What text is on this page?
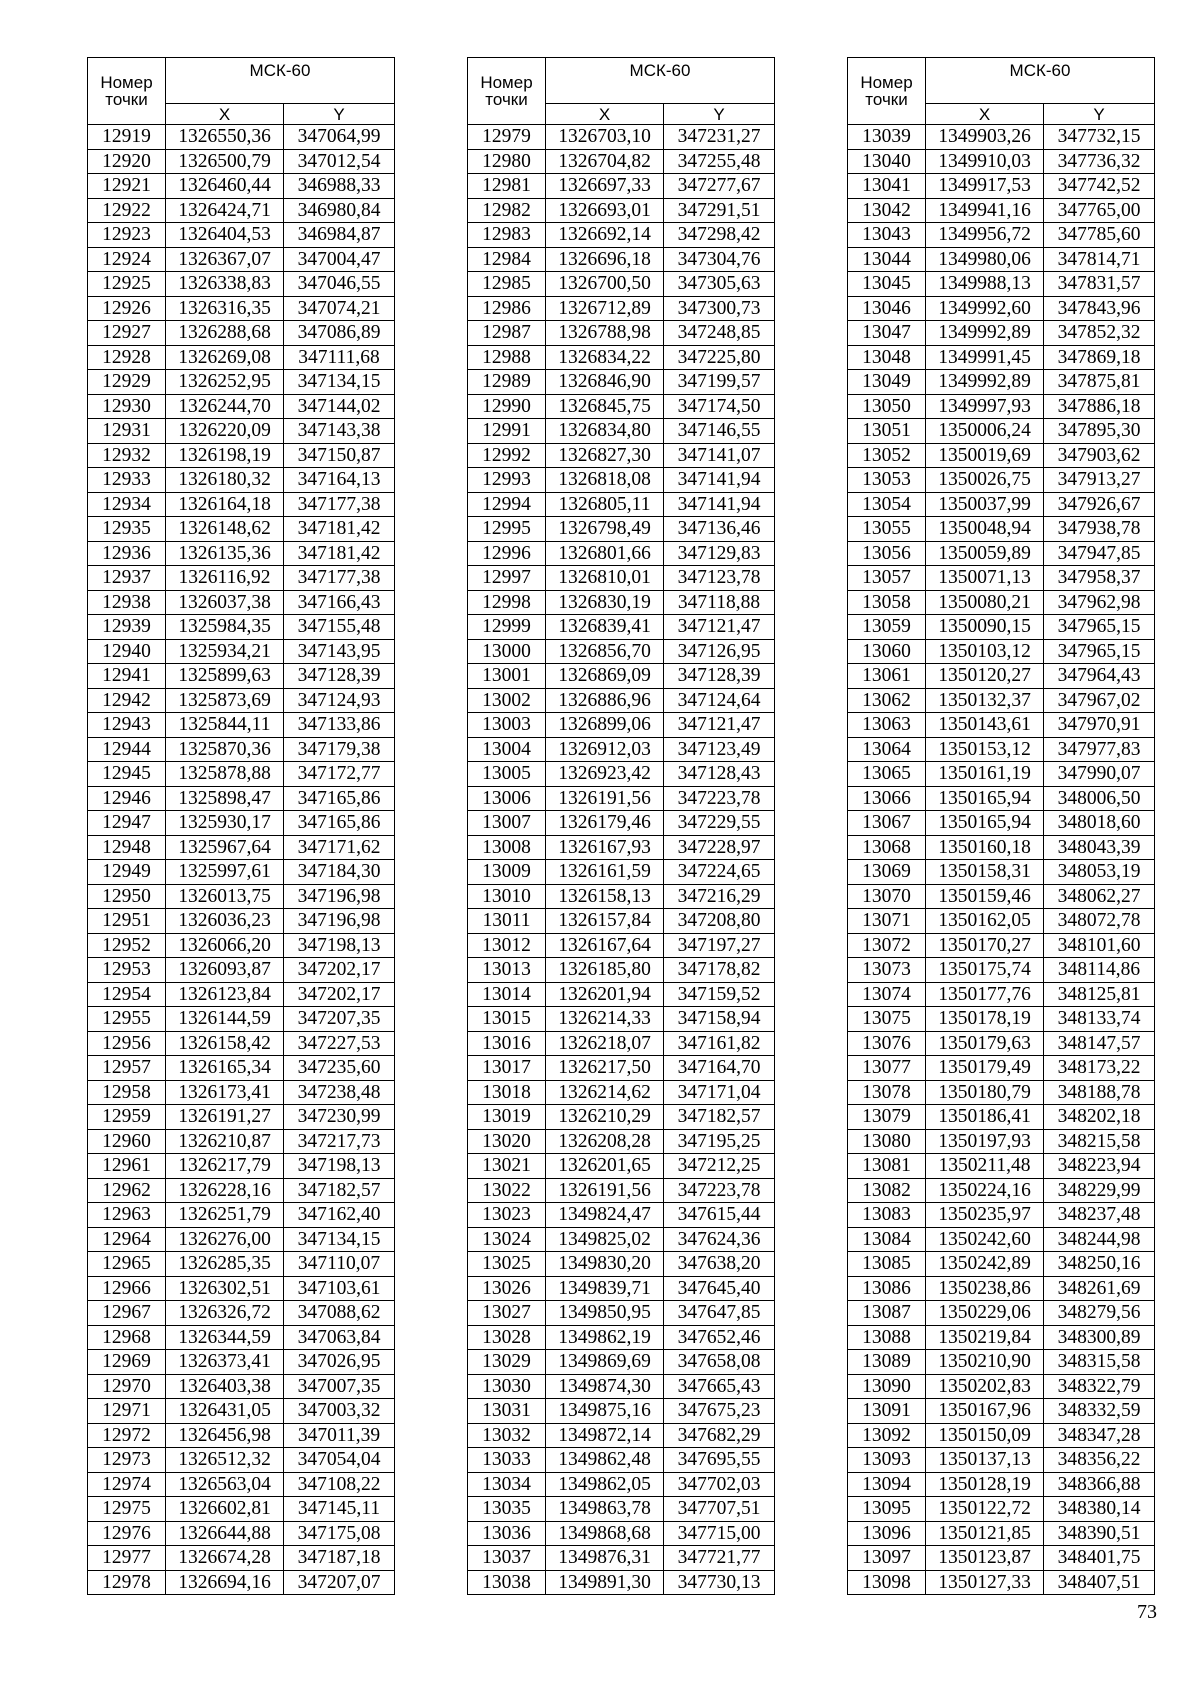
Номер точки	МСК-60	
	X	Y
12919	1326550,36	347064,99
12920	1326500,79	347012,54
12921	1326460,44	346988,33
12922	1326424,71	346980,84
12923	1326404,53	346984,87
12924	1326367,07	347004,47
12925	1326338,83	347046,55
12926	1326316,35	347074,21
12927	1326288,68	347086,89
12928	1326269,08	347111,68
12929	1326252,95	347134,15
12930	1326244,70	347144,02
12931	1326220,09	347143,38
12932	1326198,19	347150,87
12933	1326180,32	347164,13
12934	1326164,18	347177,38
12935	1326148,62	347181,42
12936	1326135,36	347181,42
12937	1326116,92	347177,38
12938	1326037,38	347166,43
12939	1325984,35	347155,48
12940	1325934,21	347143,95
12941	1325899,63	347128,39
12942	1325873,69	347124,93
12943	1325844,11	347133,86
12944	1325870,36	347179,38
12945	1325878,88	347172,77
12946	1325898,47	347165,86
12947	1325930,17	347165,86
12948	1325967,64	347171,62
12949	1325997,61	347184,30
12950	1326013,75	347196,98
12951	1326036,23	347196,98
12952	1326066,20	347198,13
12953	1326093,87	347202,17
12954	1326123,84	347202,17
12955	1326144,59	347207,35
12956	1326158,42	347227,53
12957	1326165,34	347235,60
12958	1326173,41	347238,48
12959	1326191,27	347230,99
12960	1326210,87	347217,73
12961	1326217,79	347198,13
12962	1326228,16	347182,57
12963	1326251,79	347162,40
12964	1326276,00	347134,15
12965	1326285,35	347110,07
12966	1326302,51	347103,61
12967	1326326,72	347088,62
12968	1326344,59	347063,84
12969	1326373,41	347026,95
12970	1326403,38	347007,35
12971	1326431,05	347003,32
12972	1326456,98	347011,39
12973	1326512,32	347054,04
12974	1326563,04	347108,22
12975	1326602,81	347145,11
12976	1326644,88	347175,08
12977	1326674,28	347187,18
12978	1326694,16	347207,07
Номер точки	МСК-60	
	X	Y
12979	1326703,10	347231,27
12980	1326704,82	347255,48
12981	1326697,33	347277,67
12982	1326693,01	347291,51
12983	1326692,14	347298,42
12984	1326696,18	347304,76
12985	1326700,50	347305,63
12986	1326712,89	347300,73
12987	1326788,98	347248,85
12988	1326834,22	347225,80
12989	1326846,90	347199,57
12990	1326845,75	347174,50
12991	1326834,80	347146,55
12992	1326827,30	347141,07
12993	1326818,08	347141,94
12994	1326805,11	347141,94
12995	1326798,49	347136,46
12996	1326801,66	347129,83
12997	1326810,01	347123,78
12998	1326830,19	347118,88
12999	1326839,41	347121,47
13000	1326856,70	347126,95
13001	1326869,09	347128,39
13002	1326886,96	347124,64
13003	1326899,06	347121,47
13004	1326912,03	347123,49
13005	1326923,42	347128,43
13006	1326191,56	347223,78
13007	1326179,46	347229,55
13008	1326167,93	347228,97
13009	1326161,59	347224,65
13010	1326158,13	347216,29
13011	1326157,84	347208,80
13012	1326167,64	347197,27
13013	1326185,80	347178,82
13014	1326201,94	347159,52
13015	1326214,33	347158,94
13016	1326218,07	347161,82
13017	1326217,50	347164,70
13018	1326214,62	347171,04
13019	1326210,29	347182,57
13020	1326208,28	347195,25
13021	1326201,65	347212,25
13022	1326191,56	347223,78
13023	1349824,47	347615,44
13024	1349825,02	347624,36
13025	1349830,20	347638,20
13026	1349839,71	347645,40
13027	1349850,95	347647,85
13028	1349862,19	347652,46
13029	1349869,69	347658,08
13030	1349874,30	347665,43
13031	1349875,16	347675,23
13032	1349872,14	347682,29
13033	1349862,48	347695,55
13034	1349862,05	347702,03
13035	1349863,78	347707,51
13036	1349868,68	347715,00
13037	1349876,31	347721,77
13038	1349891,30	347730,13
Номер точки	МСК-60	
	X	Y
13039	1349903,26	347732,15
13040	1349910,03	347736,32
13041	1349917,53	347742,52
13042	1349941,16	347765,00
13043	1349956,72	347785,60
13044	1349980,06	347814,71
13045	1349988,13	347831,57
13046	1349992,60	347843,96
13047	1349992,89	347852,32
13048	1349991,45	347869,18
13049	1349992,89	347875,81
13050	1349997,93	347886,18
13051	1350006,24	347895,30
13052	1350019,69	347903,62
13053	1350026,75	347913,27
13054	1350037,99	347926,67
13055	1350048,94	347938,78
13056	1350059,89	347947,85
13057	1350071,13	347958,37
13058	1350080,21	347962,98
13059	1350090,15	347965,15
13060	1350103,12	347965,15
13061	1350120,27	347964,43
13062	1350132,37	347967,02
13063	1350143,61	347970,91
13064	1350153,12	347977,83
13065	1350161,19	347990,07
13066	1350165,94	348006,50
13067	1350165,94	348018,60
13068	1350160,18	348043,39
13069	1350158,31	348053,19
13070	1350159,46	348062,27
13071	1350162,05	348072,78
13072	1350170,27	348101,60
13073	1350175,74	348114,86
13074	1350177,76	348125,81
13075	1350178,19	348133,74
13076	1350179,63	348147,57
13077	1350179,49	348173,22
13078	1350180,79	348188,78
13079	1350186,41	348202,18
13080	1350197,93	348215,58
13081	1350211,48	348223,94
13082	1350224,16	348229,99
13083	1350235,97	348237,48
13084	1350242,60	348244,98
13085	1350242,89	348250,16
13086	1350238,86	348261,69
13087	1350229,06	348279,56
13088	1350219,84	348300,89
13089	1350210,90	348315,58
13090	1350202,83	348322,79
13091	1350167,96	348332,59
13092	1350150,09	348347,28
13093	1350137,13	348356,22
13094	1350128,19	348366,88
13095	1350122,72	348380,14
13096	1350121,85	348390,51
13097	1350123,87	348401,75
13098	1350127,33	348407,51
73
